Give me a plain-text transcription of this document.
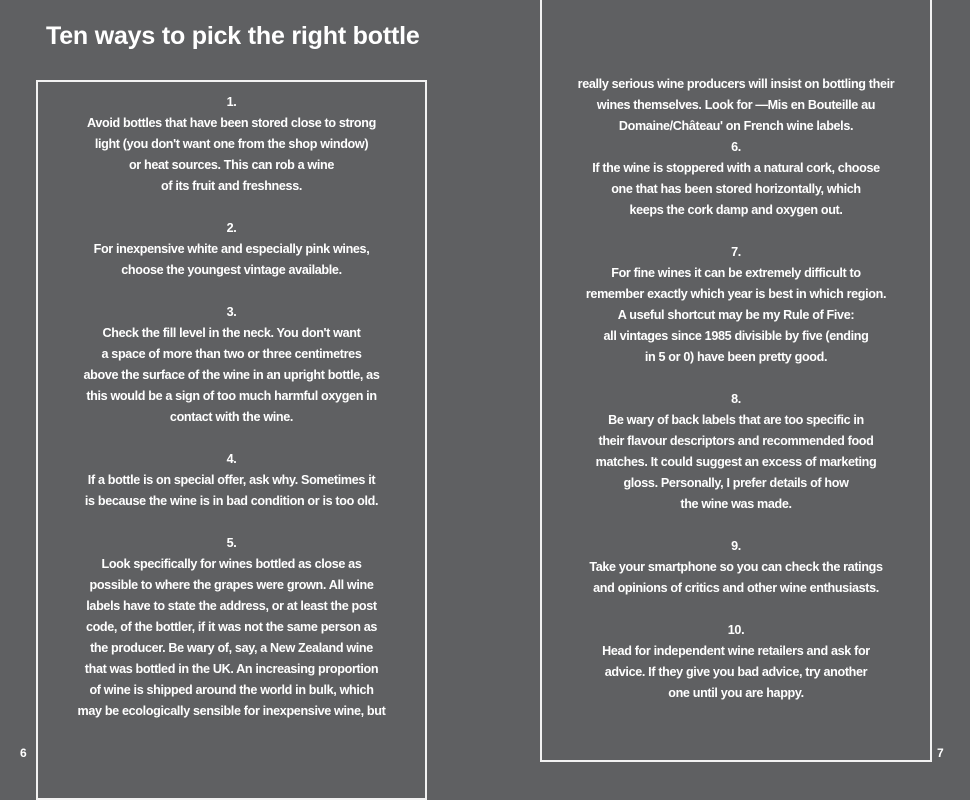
Ten ways to pick the right bottle
1.
Avoid bottles that have been stored close to strong
light (you don't want one from the shop window)
or heat sources. This can rob a wine
of its fruit and freshness.
2.
For inexpensive white and especially pink wines,
choose the youngest vintage available.
3.
Check the fill level in the neck. You don't want
a space of more than two or three centimetres
above the surface of the wine in an upright bottle, as
this would be a sign of too much harmful oxygen in
contact with the wine.
4.
If a bottle is on special offer, ask why. Sometimes it
is because the wine is in bad condition or is too old.
5.
Look specifically for wines bottled as close as
possible to where the grapes were grown. All wine
labels have to state the address, or at least the post
code, of the bottler, if it was not the same person as
the producer. Be wary of, say, a New Zealand wine
that was bottled in the UK. An increasing proportion
of wine is shipped around the world in bulk, which
may be ecologically sensible for inexpensive wine, but
really serious wine producers will insist on bottling their
wines themselves. Look for —Mis en Bouteille au
Domaine/Château' on French wine labels.
6.
If the wine is stoppered with a natural cork, choose
one that has been stored horizontally, which
keeps the cork damp and oxygen out.
7.
For fine wines it can be extremely difficult to
remember exactly which year is best in which region.
A useful shortcut may be my Rule of Five:
all vintages since 1985 divisible by five (ending
in 5 or 0) have been pretty good.
8.
Be wary of back labels that are too specific in
their flavour descriptors and recommended food
matches. It could suggest an excess of marketing
gloss. Personally, I prefer details of how
the wine was made.
9.
Take your smartphone so you can check the ratings
and opinions of critics and other wine enthusiasts.
10.
Head for independent wine retailers and ask for
advice. If they give you bad advice, try another
one until you are happy.
6	7
